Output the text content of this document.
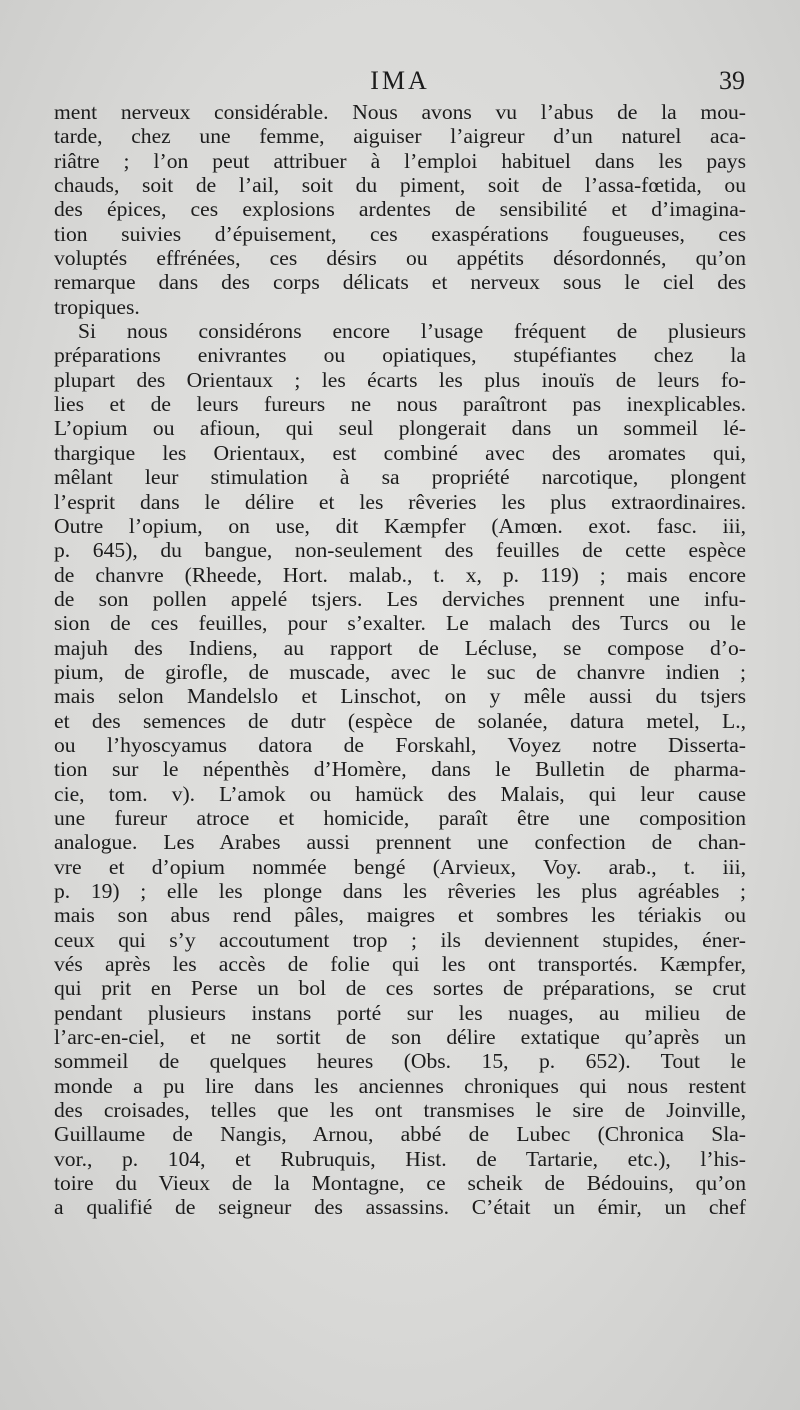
IMA	39
ment nerveux considérable. Nous avons vu l’abus de la mou-
tarde, chez une femme, aiguiser l’aigreur d’un naturel aca-
riâtre ; l’on peut attribuer à l’emploi habituel dans les pays
chauds, soit de l’ail, soit du piment, soit de l’assa-fœtida, ou
des épices, ces explosions ardentes de sensibilité et d’imagina-
tion suivies d’épuisement, ces exaspérations fougueuses, ces
voluptés effrénées, ces désirs ou appétits désordonnés, qu’on
remarque dans des corps délicats et nerveux sous le ciel des
tropiques.
Si nous considérons encore l’usage fréquent de plusieurs
préparations enivrantes ou opiatiques, stupéfiantes chez la
plupart des Orientaux ; les écarts les plus inouïs de leurs fo-
lies et de leurs fureurs ne nous paraîtront pas inexplicables.
L’opium ou afioun, qui seul plongerait dans un sommeil lé-
thargique les Orientaux, est combiné avec des aromates qui,
mêlant leur stimulation à sa propriété narcotique, plongent
l’esprit dans le délire et les rêveries les plus extraordinaires.
Outre l’opium, on use, dit Kæmpfer (Amœn. exot. fasc. iii,
p. 645), du bangue, non-seulement des feuilles de cette espèce
de chanvre (Rheede, Hort. malab., t. x, p. 119) ; mais encore
de son pollen appelé tsjers. Les derviches prennent une infu-
sion de ces feuilles, pour s’exalter. Le malach des Turcs ou le
majuh des Indiens, au rapport de Lécluse, se compose d’o-
pium, de girofle, de muscade, avec le suc de chanvre indien ;
mais selon Mandelslo et Linschot, on y mêle aussi du tsjers
et des semences de dutr (espèce de solanée, datura metel, L.,
ou l’hyoscyamus datora de Forskahl, Voyez notre Disserta-
tion sur le népenthès d’Homère, dans le Bulletin de pharma-
cie, tom. v). L’amok ou hamück des Malais, qui leur cause
une fureur atroce et homicide, paraît être une composition
analogue. Les Arabes aussi prennent une confection de chan-
vre et d’opium nommée bengé (Arvieux, Voy. arab., t. iii,
p. 19) ; elle les plonge dans les rêveries les plus agréables ;
mais son abus rend pâles, maigres et sombres les tériakis ou
ceux qui s’y accoutument trop ; ils deviennent stupides, éner-
vés après les accès de folie qui les ont transportés. Kæmpfer,
qui prit en Perse un bol de ces sortes de préparations, se crut
pendant plusieurs instans porté sur les nuages, au milieu de
l’arc-en-ciel, et ne sortit de son délire extatique qu’après un
sommeil de quelques heures (Obs. 15, p. 652). Tout le
monde a pu lire dans les anciennes chroniques qui nous restent
des croisades, telles que les ont transmises le sire de Joinville,
Guillaume de Nangis, Arnou, abbé de Lubec (Chronica Sla-
vor., p. 104, et Rubruquis, Hist. de Tartarie, etc.), l’his-
toire du Vieux de la Montagne, ce scheik de Bédouins, qu’on
a qualifié de seigneur des assassins. C’était un émir, un chef
